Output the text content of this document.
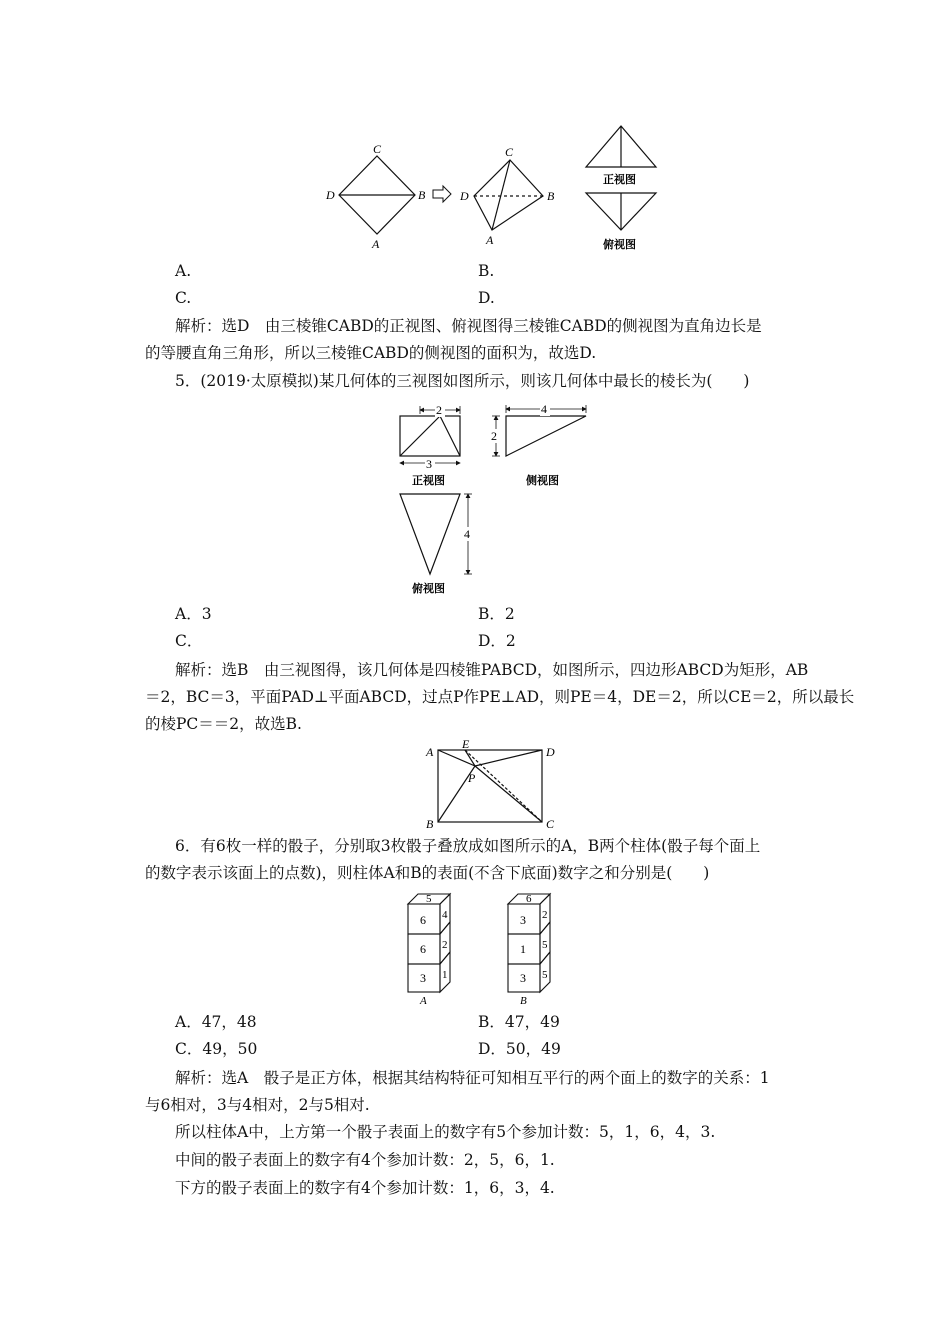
C
D	B
A
C
D	B
A
正视图
俯视图
A.	B.
C.	D.
解析：选D　由三棱锥CABD的正视图、俯视图得三棱锥CABD的侧视图为直角边长是
的等腰直角三角形，所以三棱锥CABD的侧视图的面积为，故选D.
5．(2019·太原模拟)某几何体的三视图如图所示，则该几何体中最长的棱长为(　　)
2
3
正视图
4
2
侧视图
4
俯视图
A．3	B．2
C．	D．2
解析：选B　由三视图得，该几何体是四棱锥PABCD，如图所示，四边形ABCD为矩形，AB
＝2，BC＝3，平面PAD⊥平面ABCD，过点P作PE⊥AD，则PE＝4，DE＝2，所以CE＝2，所以最长
的棱PC＝＝2，故选B.
A
E
D
P
B	C
6．有6枚一样的骰子，分别取3枚骰子叠放成如图所示的A，B两个柱体(骰子每个面上
的数字表示该面上的点数)，则柱体A和B的表面(不含下底面)数字之和分别是(　　)
5
6
6
3
4
2
1
A
6
3
1
3
2
5
5
B
A．47，48	B．47，49
C．49，50	D．50，49
解析：选A　骰子是正方体，根据其结构特征可知相互平行的两个面上的数字的关系：1
与6相对，3与4相对，2与5相对.
所以柱体A中，上方第一个骰子表面上的数字有5个参加计数：5，1，6，4，3.
中间的骰子表面上的数字有4个参加计数：2，5，6，1.
下方的骰子表面上的数字有4个参加计数：1，6，3，4.
